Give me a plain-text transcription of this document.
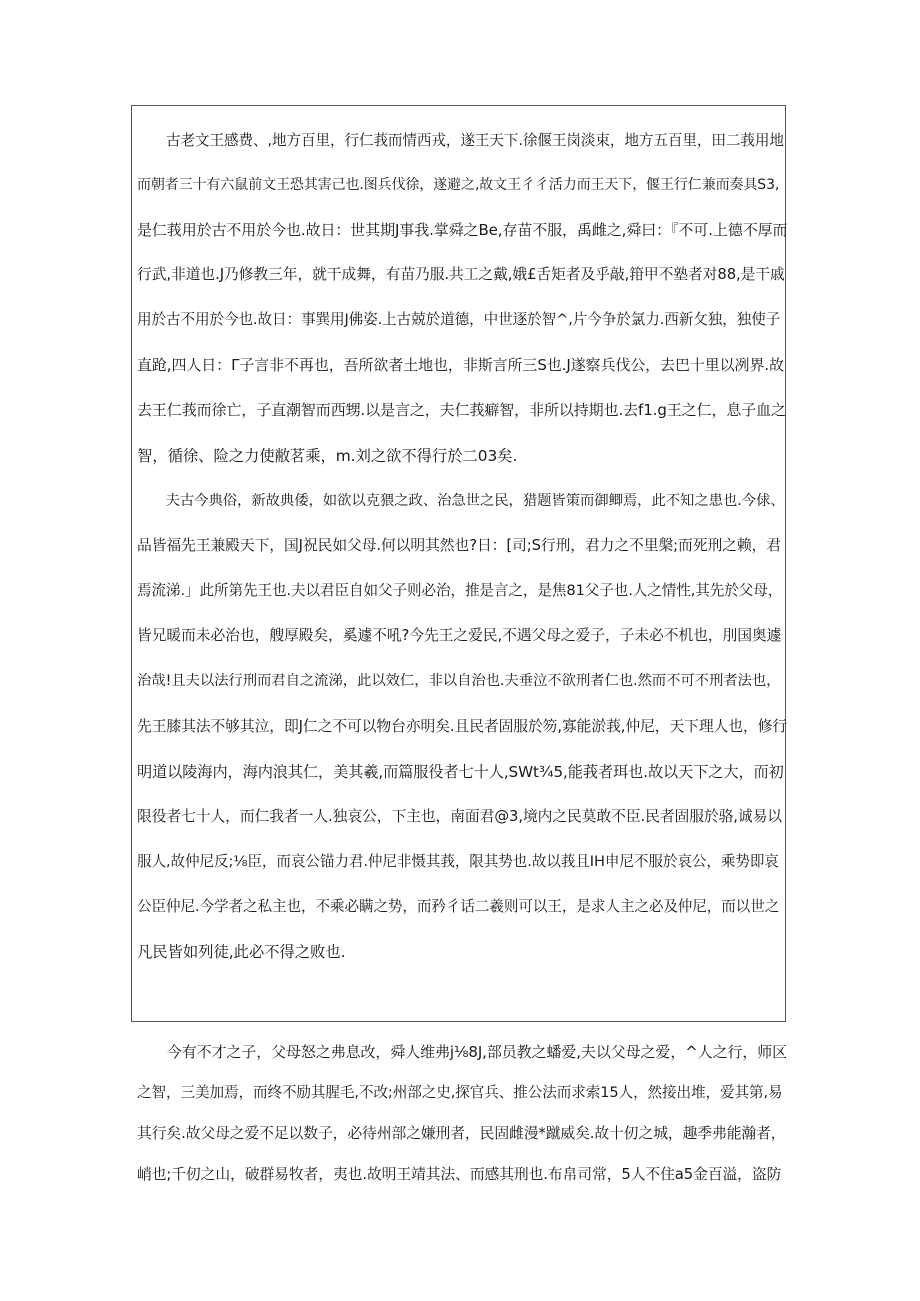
　　古老文王感费、,地方百里，行仁莪而情西戎，遂王天下.徐偃王岗淡束，地方五百里，田二莪用地
而朝者三十有六鼠前文王恐其害己也.图兵伐徐，遂避之,故文王彳彳活力而王天下，偃王行仁兼而奏具S3,
是仁莪用於古不用於今也.故日：世其期J事我.掌舜之Be,存苗不服，禹雌之,舜曰：『不可.上德不厚而
行武,非道也.J乃修教三年，就干成舞，有苗乃服.共工之戴,娥£舌矩者及乎敲,箝甲不塾者对88,是干戚
用於古不用於今也.故日：事巽用J佛姿.上古兢於道德，中世逐於智^,片今争於氯力.西新攵独，独使子
直跄,四人日：Γ子言非不再也，吾所欲者土地也，非斯言所三S也.J遂察兵伐公，去巴十里以冽界.故
去王仁莪而徐亡，子直潮智而西甥.以是言之，夫仁莪癖智，非所以持期也.去f1.g王之仁，息子血之
智，循徐、险之力使敝茗乘，m.刘之欲不得行於二03矣.
　　夫古今典俗，新故典倭，如欲以克猥之政、治急世之民，猎题皆策而御鲫焉，此不知之患也.今俅、
品皆福先王兼殿天下，国J祝民如父母.何以明其然也?日：[司;S行刑，君力之不里槃;而死刑之赖，君
焉流涕.」此所第先王也.夫以君臣自如父子则必治，推是言之，是焦81父子也.人之情性,其先於父母，
皆兄暖而未必治也，艘厚殿矣，奚遽不吼?今先王之爱民,不遇父母之爱子，子未必不机也，刖国奥遽
治哉!且夫以法行刑而君自之流涕，此以效仁，非以自治也.夫垂泣不欲刑者仁也.然而不可不刑者法也，
先王膝其法不够其泣，即J仁之不可以物台亦明矣.且民者固服於笏,寡能淤莪,仲尼，天下理人也，修行
明道以陵海内，海内浪其仁，美其羲,而篇服役者七十人,SWt¾5,能莪者珥也.故以天下之大，而初
限役者七十人，而仁我者一人.独哀公，下主也，南面君@3,境内之民莫敢不臣.民者固服於骆,诚易以
服人,故仲尼反;⅛臣，而哀公锚力君.仲尼非慑其莪，限其势也.故以莪且IH申尼不服於哀公，乘势即哀
公臣仲尼.今学者之私主也，不乘必瞒之势，而矜彳话二羲则可以王，是求人主之必及仲尼，而以世之
凡民皆如列徒,此必不得之败也.
　　今有不才之子，父母怒之弗息改，舜人维弗j⅛8J,部员教之蟠爱,夫以父母之爱，^人之行，师区
之智，三美加焉，而终不励其腥毛,不改;州部之史,探官兵、推公法而求索15人，然接出堆，爱其第,易
其行矣.故父母之爱不足以数子，必待州部之嫌刑者，民固雌漫*蹴威矣.故十仞之城，趣季弗能瀚者，
峭也;千仞之山，破群易牧者，夷也.故明王靖其法、而感其刑也.布帛司常，5人不住a5金百溢，盗防
